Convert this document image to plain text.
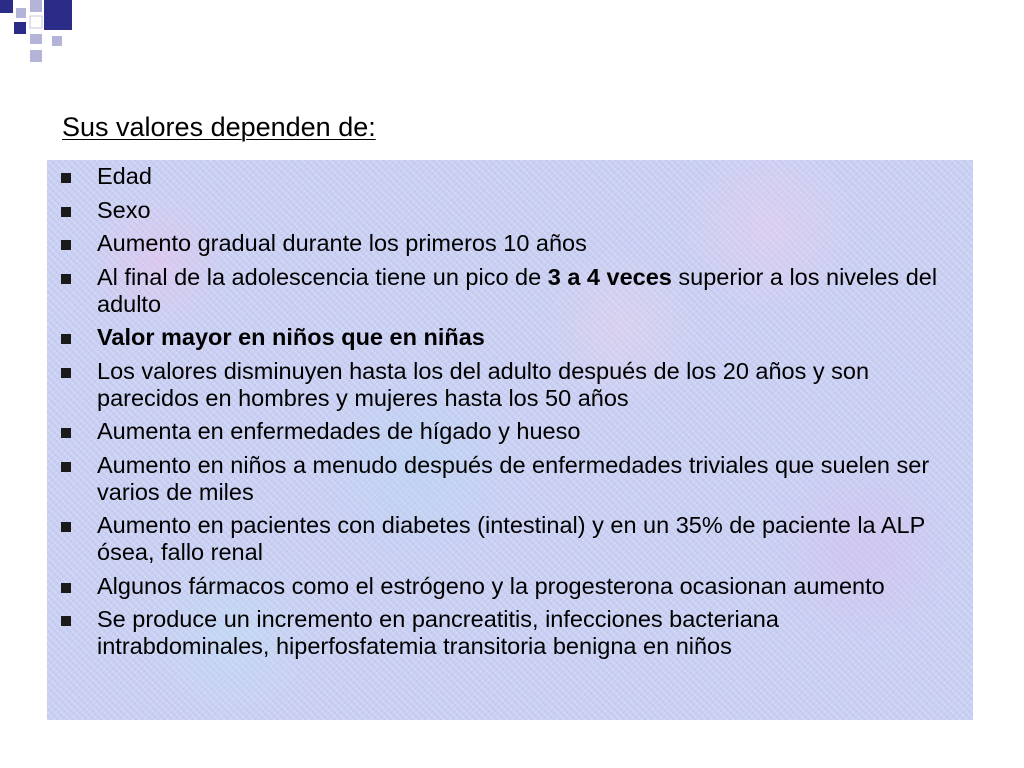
Sus valores dependen de:
Edad
Sexo
Aumento gradual durante los primeros 10 años
Al final de la adolescencia tiene un pico de 3 a 4 veces superior a los niveles del adulto
Valor mayor en niños que en niñas
Los valores disminuyen hasta los del adulto después de los 20 años y son parecidos en hombres y mujeres hasta los 50 años
Aumenta en enfermedades de hígado y hueso
Aumento en niños a menudo después de enfermedades triviales que suelen ser varios de miles
Aumento en pacientes con diabetes (intestinal) y en un 35% de paciente la ALP ósea, fallo renal
Algunos fármacos como el estrógeno y la progesterona ocasionan aumento
Se produce un incremento en pancreatitis, infecciones bacteriana intrabdominales, hiperfosfatemia transitoria benigna en niños
